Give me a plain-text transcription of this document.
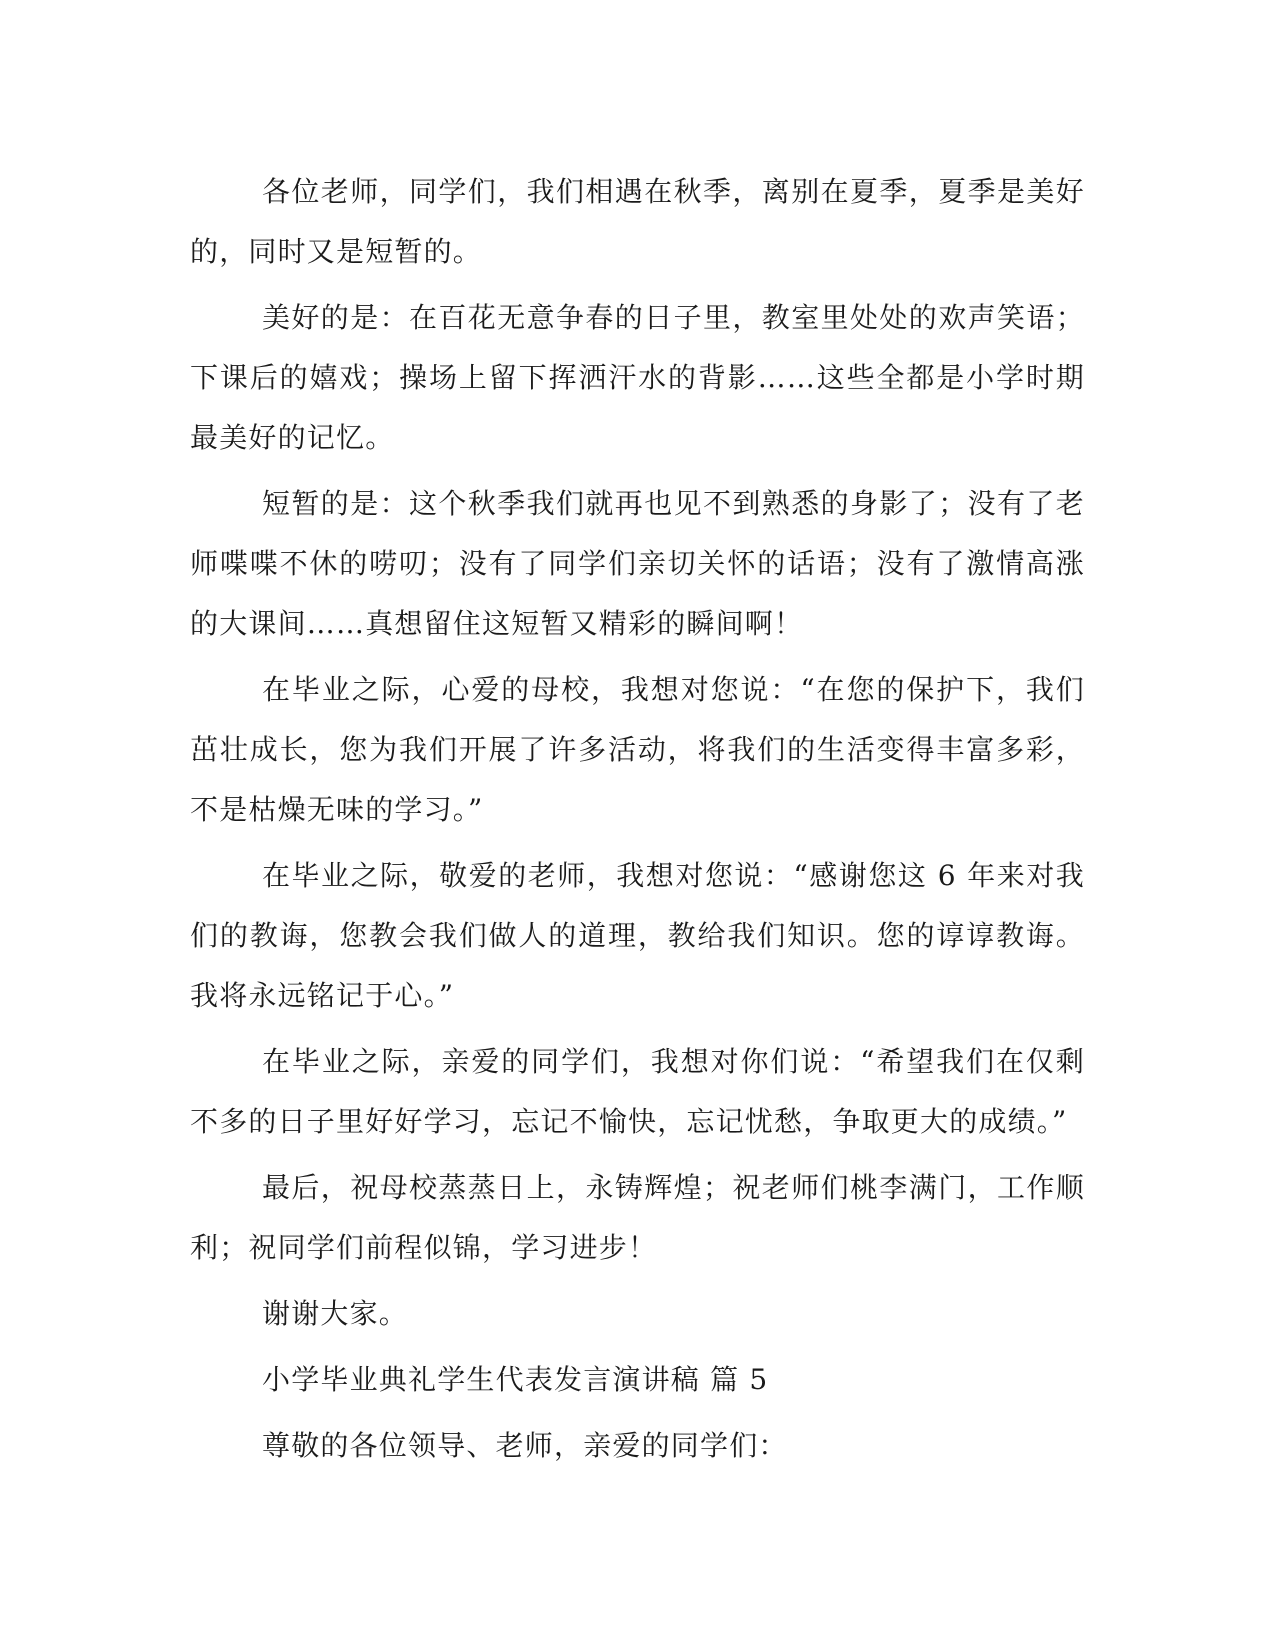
各位老师，同学们，我们相遇在秋季，离别在夏季，夏季是美好的，同时又是短暂的。

美好的是：在百花无意争春的日子里，教室里处处的欢声笑语；下课后的嬉戏；操场上留下挥洒汗水的背影……这些全都是小学时期最美好的记忆。

短暂的是：这个秋季我们就再也见不到熟悉的身影了；没有了老师喋喋不休的唠叨；没有了同学们亲切关怀的话语；没有了激情高涨的大课间……真想留住这短暂又精彩的瞬间啊！

在毕业之际，心爱的母校，我想对您说：“在您的保护下，我们茁壮成长，您为我们开展了许多活动，将我们的生活变得丰富多彩，不是枯燥无味的学习。”

在毕业之际，敬爱的老师，我想对您说：“感谢您这 6 年来对我们的教诲，您教会我们做人的道理，教给我们知识。您的谆谆教诲。我将永远铭记于心。”

在毕业之际，亲爱的同学们，我想对你们说：“希望我们在仅剩不多的日子里好好学习，忘记不愉快，忘记忧愁，争取更大的成绩。”

最后，祝母校蒸蒸日上，永铸辉煌；祝老师们桃李满门，工作顺利；祝同学们前程似锦，学习进步！

谢谢大家。

小学毕业典礼学生代表发言演讲稿 篇 5

尊敬的各位领导、老师，亲爱的同学们：
